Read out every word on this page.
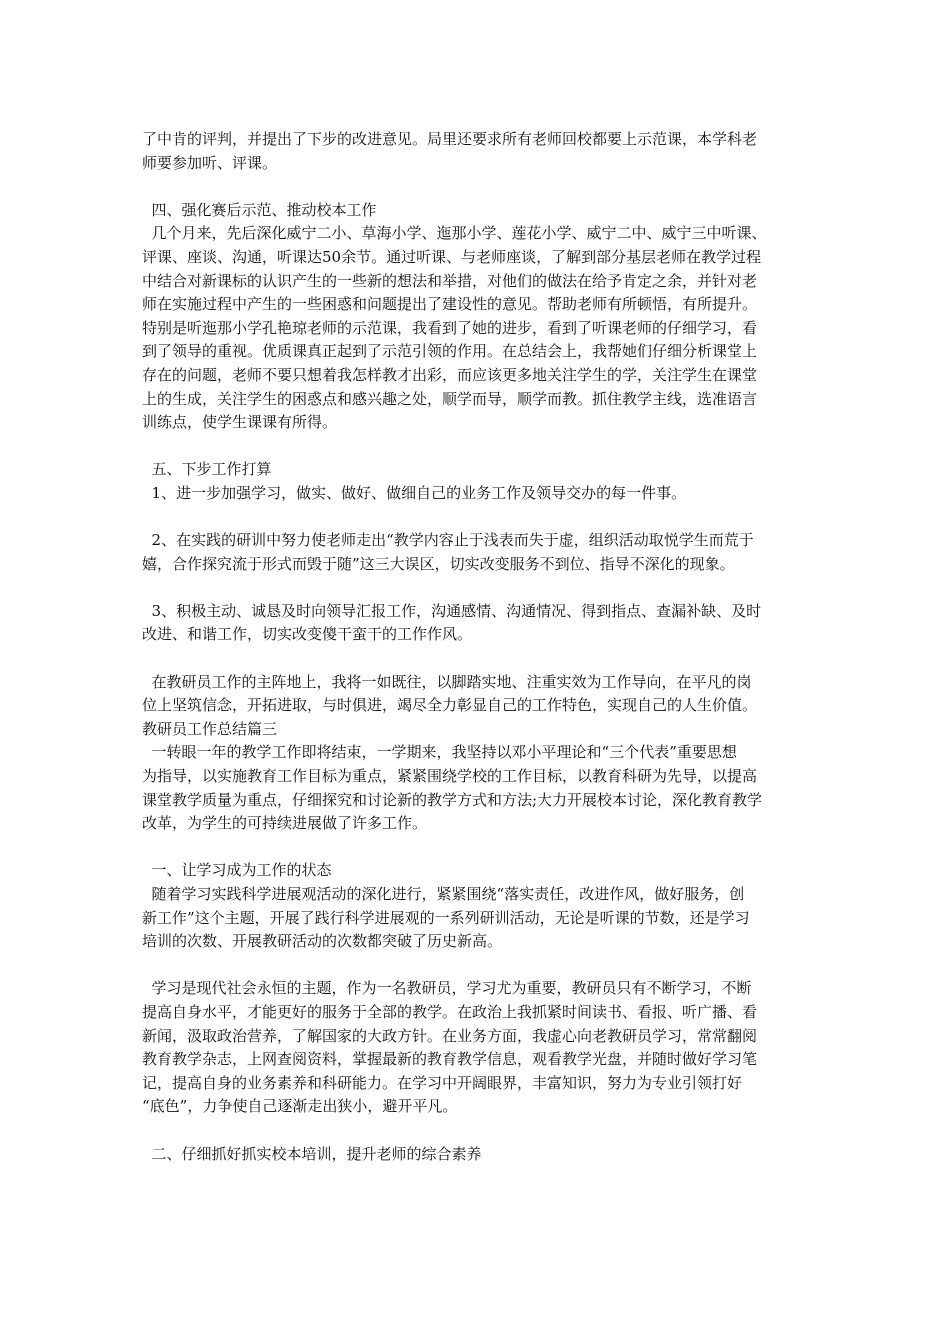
了中肯的评判，并提出了下步的改进意见。局里还要求所有老师回校都要上示范课，本学科老
师要参加听、评课。
四、强化赛后示范、推动校本工作
几个月来，先后深化威宁二小、草海小学、迤那小学、莲花小学、威宁二中、威宁三中听课、
评课、座谈、沟通，听课达50余节。通过听课、与老师座谈，了解到部分基层老师在教学过程
中结合对新课标的认识产生的一些新的想法和举措，对他们的做法在给予肯定之余，并针对老
师在实施过程中产生的一些困惑和问题提出了建设性的意见。帮助老师有所顿悟，有所提升。
特别是听迤那小学孔艳琼老师的示范课，我看到了她的进步，看到了听课老师的仔细学习，看
到了领导的重视。优质课真正起到了示范引领的作用。在总结会上，我帮她们仔细分析课堂上
存在的问题，老师不要只想着我怎样教才出彩，而应该更多地关注学生的学，关注学生在课堂
上的生成，关注学生的困惑点和感兴趣之处，顺学而导，顺学而教。抓住教学主线，选准语言
训练点，使学生课课有所得。
五、下步工作打算
1、进一步加强学习，做实、做好、做细自己的业务工作及领导交办的每一件事。
2、在实践的研训中努力使老师走出“教学内容止于浅表而失于虚，组织活动取悦学生而荒于
嬉，合作探究流于形式而毁于随”这三大误区，切实改变服务不到位、指导不深化的现象。
3、积极主动、诚恳及时向领导汇报工作，沟通感情、沟通情况、得到指点、查漏补缺、及时
改进、和谐工作，切实改变傻干蛮干的工作作风。
在教研员工作的主阵地上，我将一如既往，以脚踏实地、注重实效为工作导向，在平凡的岗
位上坚筑信念，开拓进取，与时俱进，竭尽全力彰显自己的工作特色，实现自己的人生价值。
教研员工作总结篇三
一转眼一年的教学工作即将结束，一学期来，我坚持以邓小平理论和“三个代表”重要思想
为指导，以实施教育工作目标为重点，紧紧围绕学校的工作目标，以教育科研为先导，以提高
课堂教学质量为重点，仔细探究和讨论新的教学方式和方法;大力开展校本讨论，深化教育教学
改革，为学生的可持续进展做了许多工作。
一、让学习成为工作的状态
随着学习实践科学进展观活动的深化进行，紧紧围绕“落实责任，改进作风，做好服务，创
新工作”这个主题，开展了践行科学进展观的一系列研训活动，无论是听课的节数，还是学习
培训的次数、开展教研活动的次数都突破了历史新高。
学习是现代社会永恒的主题，作为一名教研员，学习尤为重要，教研员只有不断学习，不断
提高自身水平，才能更好的服务于全部的教学。在政治上我抓紧时间读书、看报、听广播、看
新闻，汲取政治营养，了解国家的大政方针。在业务方面，我虚心向老教研员学习，常常翻阅
教育教学杂志，上网查阅资料，掌握最新的教育教学信息，观看教学光盘，并随时做好学习笔
记，提高自身的业务素养和科研能力。在学习中开阔眼界，丰富知识，努力为专业引领打好
“底色”，力争使自己逐渐走出狭小，避开平凡。
二、仔细抓好抓实校本培训，提升老师的综合素养
